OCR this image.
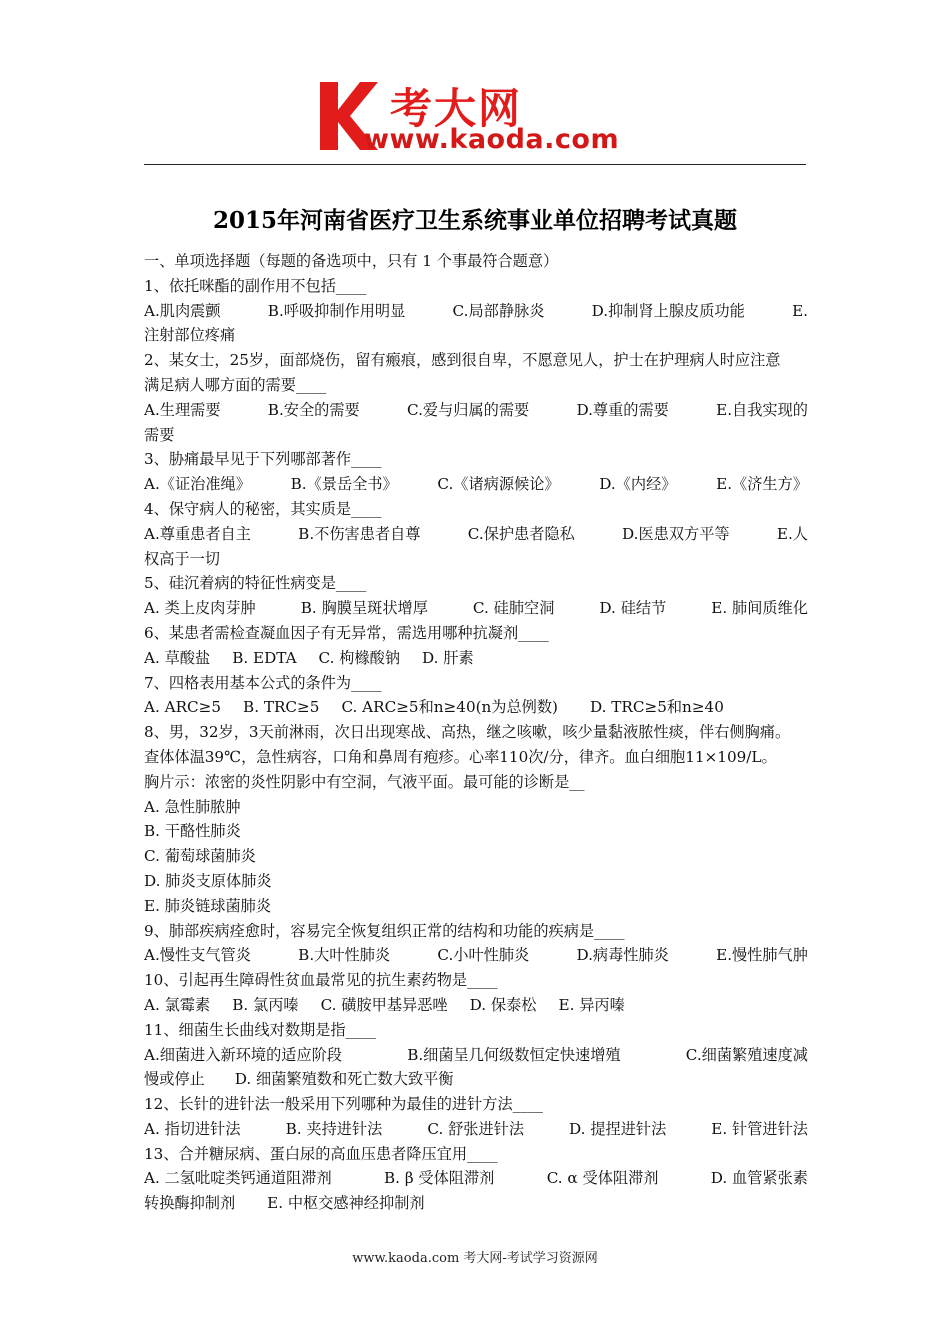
考大网
www.kaoda.com
2015年河南省医疗卫生系统事业单位招聘考试真题
一、单项选择题（每题的备选项中，只有 1 个事最符合题意）
1、依托咪酯的副作用不包括____
A.肌肉震颤	B.呼吸抑制作用明显	C.局部静脉炎	D.抑制肾上腺皮质功能	E.
注射部位疼痛
2、某女士，25岁，面部烧伤，留有瘢痕，感到很自卑，不愿意见人，护士在护理病人时应注意
满足病人哪方面的需要____
A.生理需要	B.安全的需要	C.爱与归属的需要	D.尊重的需要	E.自我实现的
需要
3、胁痛最早见于下列哪部著作____
A.《证治准绳》	B.《景岳全书》	C.《诸病源候论》	D.《内经》	E.《济生方》
4、保守病人的秘密，其实质是____
A.尊重患者自主	B.不伤害患者自尊	C.保护患者隐私	D.医患双方平等	E.人
权高于一切
5、硅沉着病的特征性病变是____
A. 类上皮肉芽肿	B. 胸膜呈斑状增厚	C. 硅肺空洞	D. 硅结节	E. 肺间质维化
6、某患者需检查凝血因子有无异常，需选用哪种抗凝剂____
A. 草酸盐 B. EDTA C. 枸橼酸钠 D. 肝素
7、四格表用基本公式的条件为____
A. ARC≥5 B. TRC≥5 C. ARC≥5和n≥40(n为总例数) D. TRC≥5和n≥40
8、男，32岁，3天前淋雨，次日出现寒战、高热，继之咳嗽，咳少量黏液脓性痰，伴右侧胸痛。
查体体温39℃，急性病容，口角和鼻周有疱疹。心率110次/分，律齐。血白细胞11×109/L。
胸片示：浓密的炎性阴影中有空洞，气液平面。最可能的诊断是__
A. 急性肺脓肿
B. 干酪性肺炎
C. 葡萄球菌肺炎
D. 肺炎支原体肺炎
E. 肺炎链球菌肺炎
9、肺部疾病痊愈时，容易完全恢复组织正常的结构和功能的疾病是____
A.慢性支气管炎	B.大叶性肺炎	C.小叶性肺炎	D.病毒性肺炎	E.慢性肺气肿
10、引起再生障碍性贫血最常见的抗生素药物是____
A. 氯霉素 B. 氯丙嗪 C. 磺胺甲基异恶唑 D. 保泰松 E. 异丙嗪
11、细菌生长曲线对数期是指____
A.细菌进入新环境的适应阶段	B.细菌呈几何级数恒定快速增殖	C.细菌繁殖速度减
慢或停止 D. 细菌繁殖数和死亡数大致平衡
12、长针的进针法一般采用下列哪种为最佳的进针方法____
A. 指切进针法	B. 夹持进针法	C. 舒张进针法	D. 提捏进针法	E. 针管进针法
13、合并糖尿病、蛋白尿的高血压患者降压宜用____
A. 二氢吡啶类钙通道阻滞剂	B. β 受体阻滞剂	C. α 受体阻滞剂	D. 血管紧张素
转换酶抑制剂 E. 中枢交感神经抑制剂
www.kaoda.com 考大网-考试学习资源网
